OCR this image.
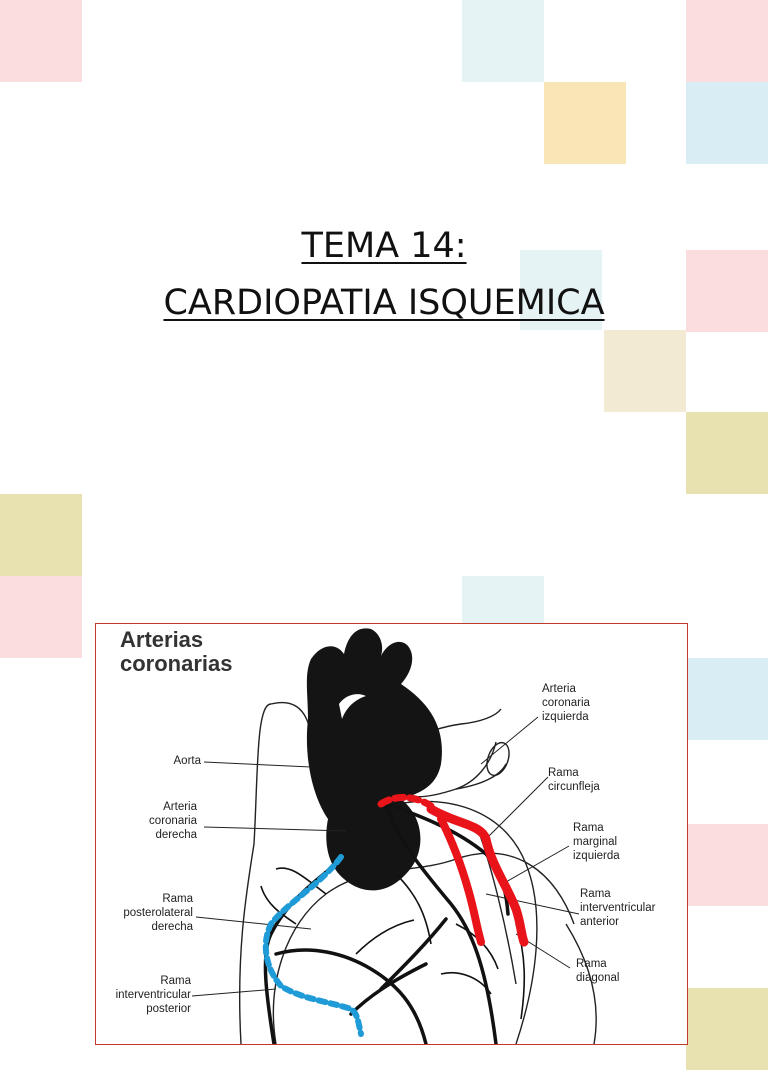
TEMA 14:
CARDIOPATIA ISQUEMICA
Arterias
coronarias
Aorta
Arteria
coronaria
derecha
Rama
posterolateral
derecha
Rama
interventricular
posterior
Arteria
coronaria
izquierda
Rama
circunfleja
Rama
marginal
izquierda
Rama
interventricular
anterior
Rama
diagonal
